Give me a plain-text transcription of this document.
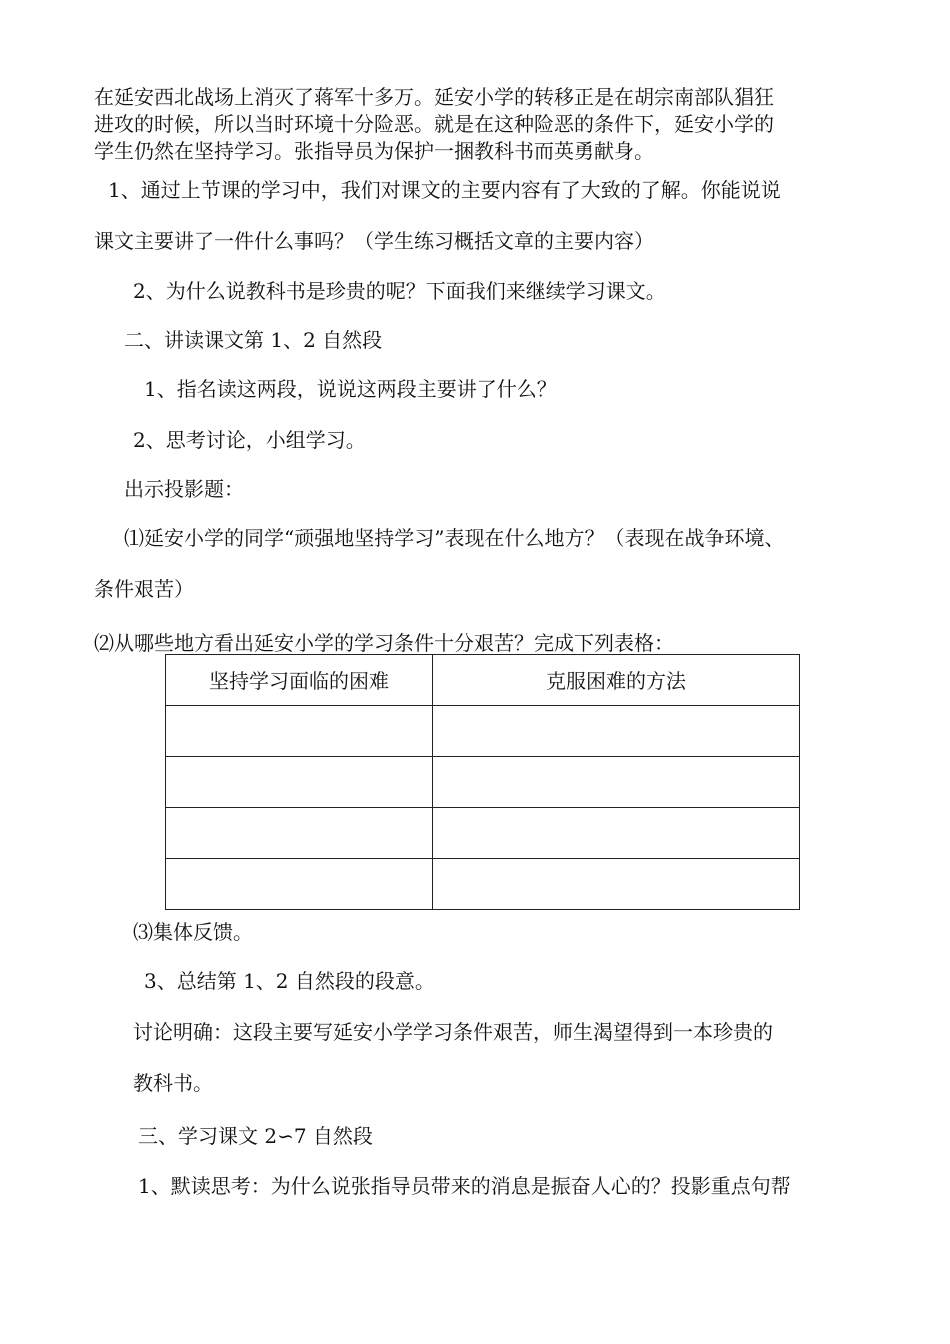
在延安西北战场上消灭了蒋军十多万。延安小学的转移正是在胡宗南部队猖狂
进攻的时候，所以当时环境十分险恶。就是在这种险恶的条件下，延安小学的
学生仍然在坚持学习。张指导员为保护一捆教科书而英勇献身。
1、通过上节课的学习中，我们对课文的主要内容有了大致的了解。你能说说
课文主要讲了一件什么事吗？（学生练习概括文章的主要内容）
2、为什么说教科书是珍贵的呢？下面我们来继续学习课文。
二、讲读课文第 1、2 自然段
1、指名读这两段，说说这两段主要讲了什么？
2、思考讨论，小组学习。
出示投影题：
⑴延安小学的同学“顽强地坚持学习”表现在什么地方？（表现在战争环境、
条件艰苦）
⑵从哪些地方看出延安小学的学习条件十分艰苦？完成下列表格：
坚持学习面临的困难	克服困难的方法

⑶集体反馈。
3、总结第 1、2 自然段的段意。
讨论明确：这段主要写延安小学学习条件艰苦，师生渴望得到一本珍贵的
教科书。
三、学习课文 2∽7 自然段
1、默读思考：为什么说张指导员带来的消息是振奋人心的？投影重点句帮
